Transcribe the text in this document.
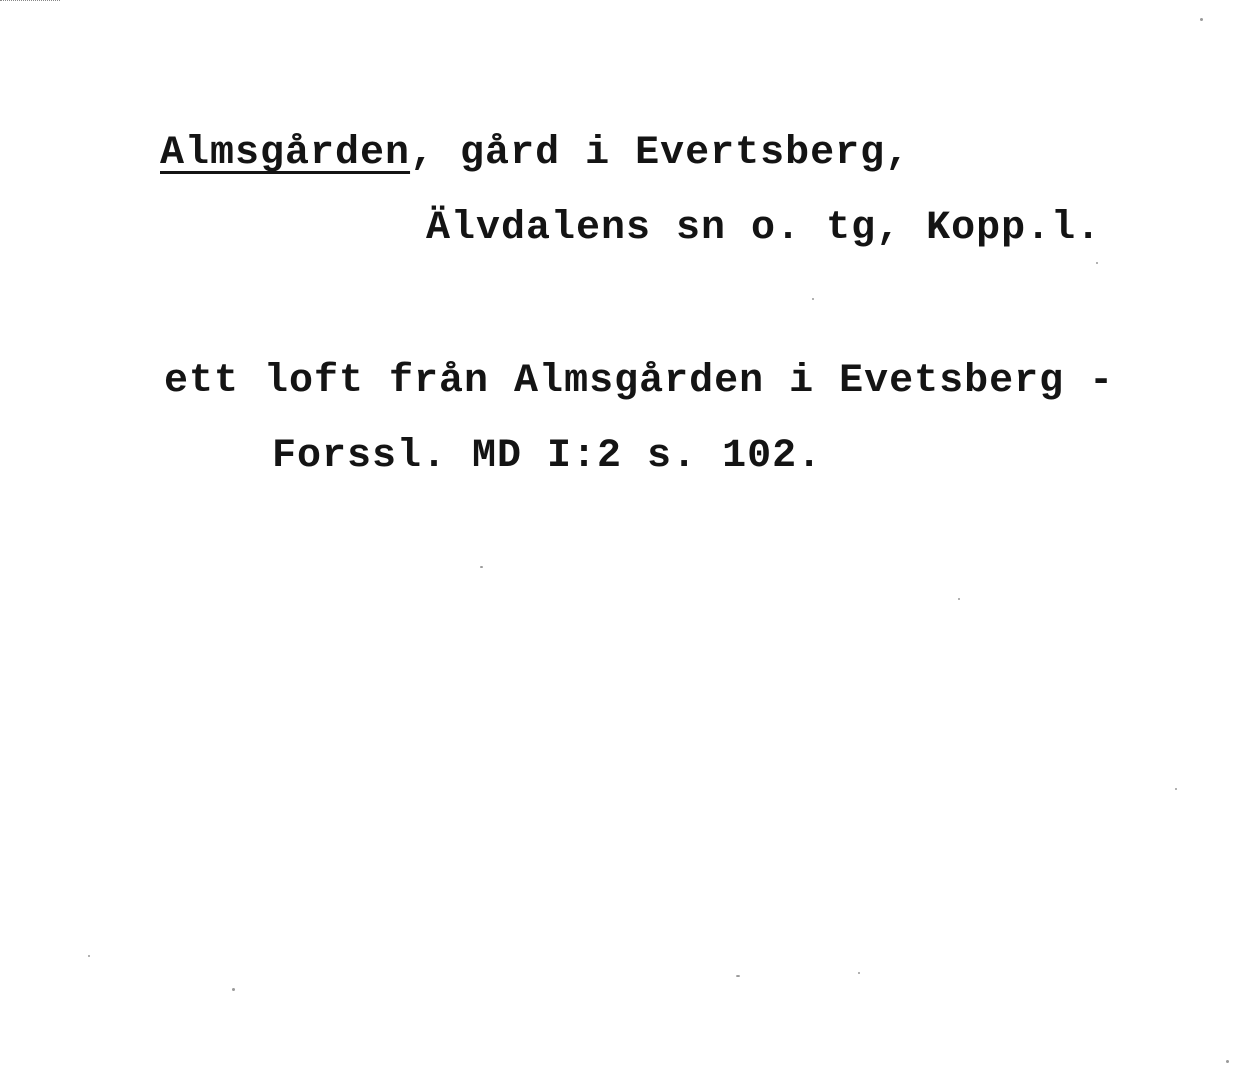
Almsgården, gård i Evertsberg,
Älvdalens sn o. tg, Kopp.l.
ett loft från Almsgården i Evetsberg -
Forssl. MD I:2 s. 102.
